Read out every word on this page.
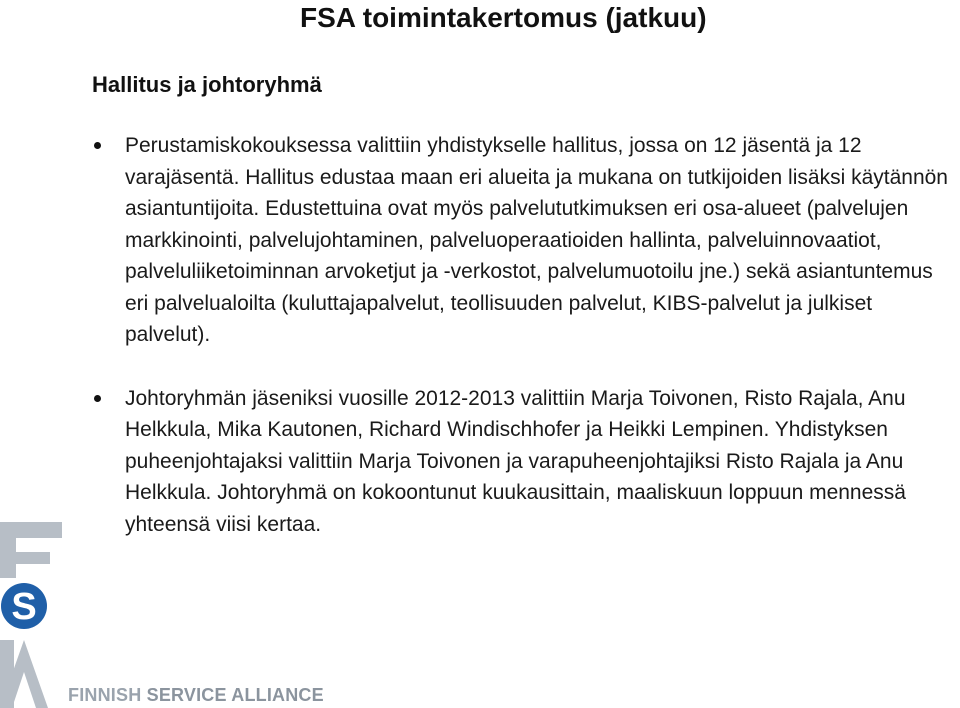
FSA toimintakertomus (jatkuu)
Hallitus ja johtoryhmä
Perustamiskokouksessa valittiin yhdistykselle hallitus, jossa on 12 jäsentä ja 12 varajäsentä. Hallitus edustaa maan eri alueita ja mukana on tutkijoiden lisäksi käytännön asiantuntijoita. Edustettuina ovat myös palvelututkimuksen eri osa-alueet (palvelujen markkinointi, palvelujohtaminen, palveluoperaatioiden hallinta, palveluinnovaatiot, palveluliiketoiminnan arvoketjut ja -verkostot, palvelumuotoilu jne.) sekä asiantuntemus eri palvelualoilta (kuluttajapalvelut, teollisuuden palvelut, KIBS-palvelut ja julkiset palvelut).
Johtoryhmän jäseniksi vuosille 2012-2013 valittiin Marja Toivonen, Risto Rajala, Anu Helkkula, Mika Kautonen, Richard Windischhofer ja Heikki Lempinen. Yhdistyksen puheenjohtajaksi valittiin Marja Toivonen ja varapuheenjohtajiksi Risto Rajala ja Anu Helkkula. Johtoryhmä on kokoontunut kuukausittain, maaliskuun loppuun mennessä yhteensä viisi kertaa.
S
FINNISH SERVICE ALLIANCE
